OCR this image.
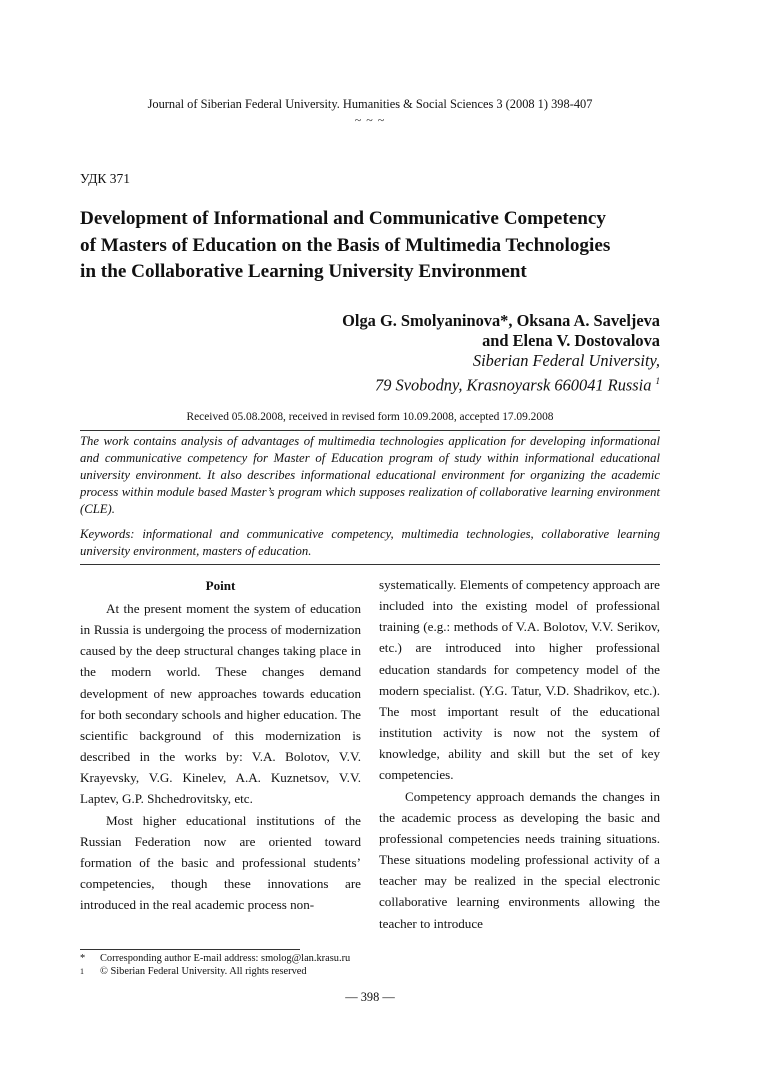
Journal of Siberian Federal University. Humanities & Social Sciences 3 (2008 1) 398-407
~ ~ ~
УДК 371
Development of Informational and Communicative Competency
of Masters of Education on the Basis of Multimedia Technologies
in the Collaborative Learning University Environment
Olga G. Smolyaninova*, Oksana A. Saveljeva
and Elena V. Dostovalova
Siberian Federal University,
79 Svobodny, Krasnoyarsk 660041 Russia $^1$
Received 05.08.2008, received in revised form 10.09.2008, accepted 17.09.2008
The work contains analysis of advantages of multimedia technologies application for developing informational and communicative competency for Master of Education program of study within informational educational university environment. It also describes informational educational environment for organizing the academic process within module based Master’s program which supposes realization of collaborative learning environment (CLE).
Keywords: informational and communicative competency, multimedia technologies, collaborative learning university environment, masters of education.
Point

At the present moment the system of education in Russia is undergoing the process of modernization caused by the deep structural changes taking place in the modern world. These changes demand development of new approaches towards education for both secondary schools and higher education. The scientific background of this modernization is described in the works by: V.A. Bolotov, V.V. Krayevsky, V.G. Kinelev, A.A. Kuznetsov, V.V. Laptev, G.P. Shchedrovitsky, etc.

Most higher educational institutions of the Russian Federation now are oriented toward formation of the basic and professional students’ competencies, though these innovations are introduced in the real academic process non-

systematically. Elements of competency approach are included into the existing model of professional training (e.g.: methods of V.A. Bolotov, V.V. Serikov, etc.) are introduced into higher professional education standards for competency model of the modern specialist. (Y.G. Tatur, V.D. Shadrikov, etc.). The most important result of the educational institution activity is now not the system of knowledge, ability and skill but the set of key competencies.

Competency approach demands the changes in the academic process as developing the basic and professional competencies needs training situations. These situations modeling professional activity of a teacher may be realized in the special electronic collaborative learning environments allowing the teacher to introduce

* Corresponding author E-mail address: smolog@lan.krasu.ru
1 © Siberian Federal University. All rights reserved
— 398 —
